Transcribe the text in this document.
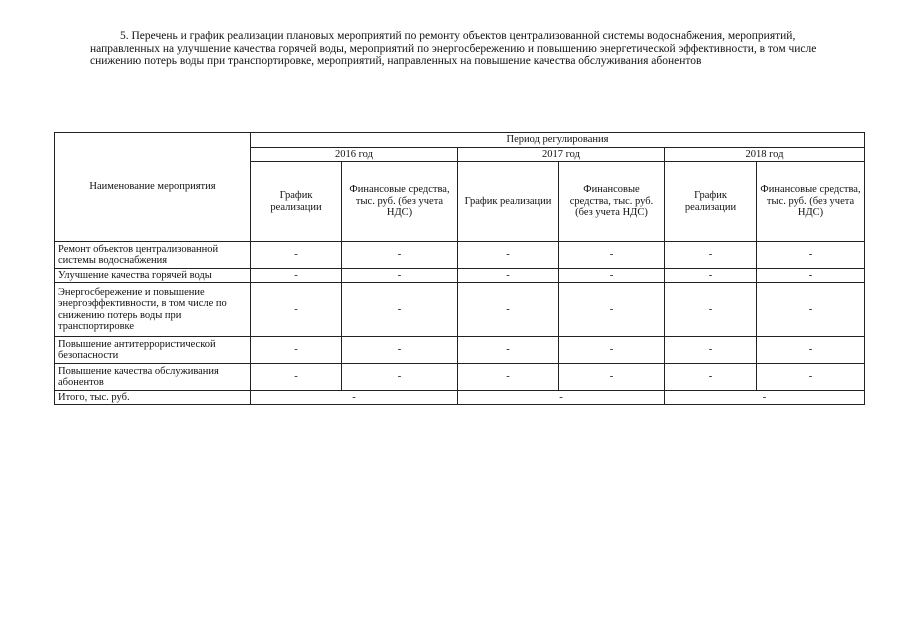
5. Перечень и график реализации плановых мероприятий по ремонту объектов централизованной системы водоснабжения, мероприятий, направленных на улучшение качества горячей воды, мероприятий по энергосбережению и повышению энергетической эффективности, в том числе снижению потерь воды при транспортировке, мероприятий, направленных на повышение качества обслуживания абонентов

Наименование мероприятия	Период регулирования					
	2016 год		2017 год		2018 год	
	График реализации	Финансовые средства, тыс. руб. (без учета НДС)	График реализации	Финансовые средства, тыс. руб. (без учета НДС)	График реализации	Финансовые средства, тыс. руб. (без учета НДС)
Ремонт объектов централизованной системы водоснабжения	-	-	-	-	-	-
Улучшение качества горячей воды	-	-	-	-	-	-
Энергосбережение и повышение энергоэффективности, в том числе по снижению потерь воды при транспортировке	-	-	-	-	-	-
Повышение антитеррористической безопасности	-	-	-	-	-	-
Повышение качества обслуживания абонентов	-	-	-	-	-	-
Итого, тыс. руб.	-		-		-	
